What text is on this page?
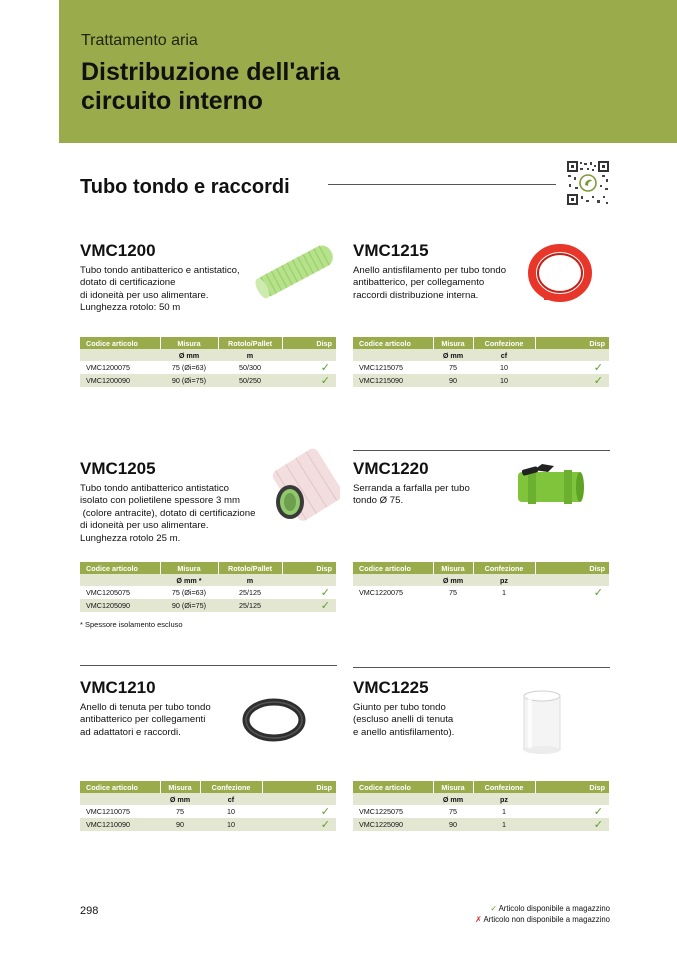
Trattamento aria
Distribuzione dell'aria
circuito interno
Tubo tondo e raccordi
VMC1200
Tubo tondo antibatterico e antistatico,
dotato di certificazione
di idoneità per uso alimentare.
Lunghezza rotolo: 50 m
Codice articolo	Misura	Rotolo/Pallet	Disp
	Ø mm	m	
VMC1200075	75 (Øi=63)	50/300	✓
VMC1200090	90 (Øi=75)	50/250	✓
VMC1215
Anello antisfilamento per tubo tondo
antibatterico, per collegamento
raccordi distribuzione interna.
Codice articolo	Misura	Confezione	Disp
	Ø mm	cf	
VMC1215075	75	10	✓
VMC1215090	90	10	✓
VMC1205
Tubo tondo antibatterico antistatico
isolato con polietilene spessore 3 mm
(colore antracite), dotato di certificazione
di idoneità per uso alimentare.
Lunghezza rotolo 25 m.
Codice articolo	Misura	Rotolo/Pallet	Disp
	Ø mm *	m	
VMC1205075	75 (Øi=63)	25/125	✓
VMC1205090	90 (Øi=75)	25/125	✓
* Spessore isolamento escluso
VMC1220
Serranda a farfalla per tubo
tondo Ø 75.
Codice articolo	Misura	Confezione	Disp
	Ø mm	pz	
VMC1220075	75	1	✓
VMC1210
Anello di tenuta per tubo tondo
antibatterico per collegamenti
ad adattatori e raccordi.
Codice articolo	Misura	Confezione	Disp
	Ø mm	cf	
VMC1210075	75	10	✓
VMC1210090	90	10	✓
VMC1225
Giunto per tubo tondo
(escluso anelli di tenuta
e anello antisfilamento).
Codice articolo	Misura	Confezione	Disp
	Ø mm	pz	
VMC1225075	75	1	✓
VMC1225090	90	1	✓
298	✓ Articolo disponibile a magazzino
✗ Articolo non disponibile a magazzino
